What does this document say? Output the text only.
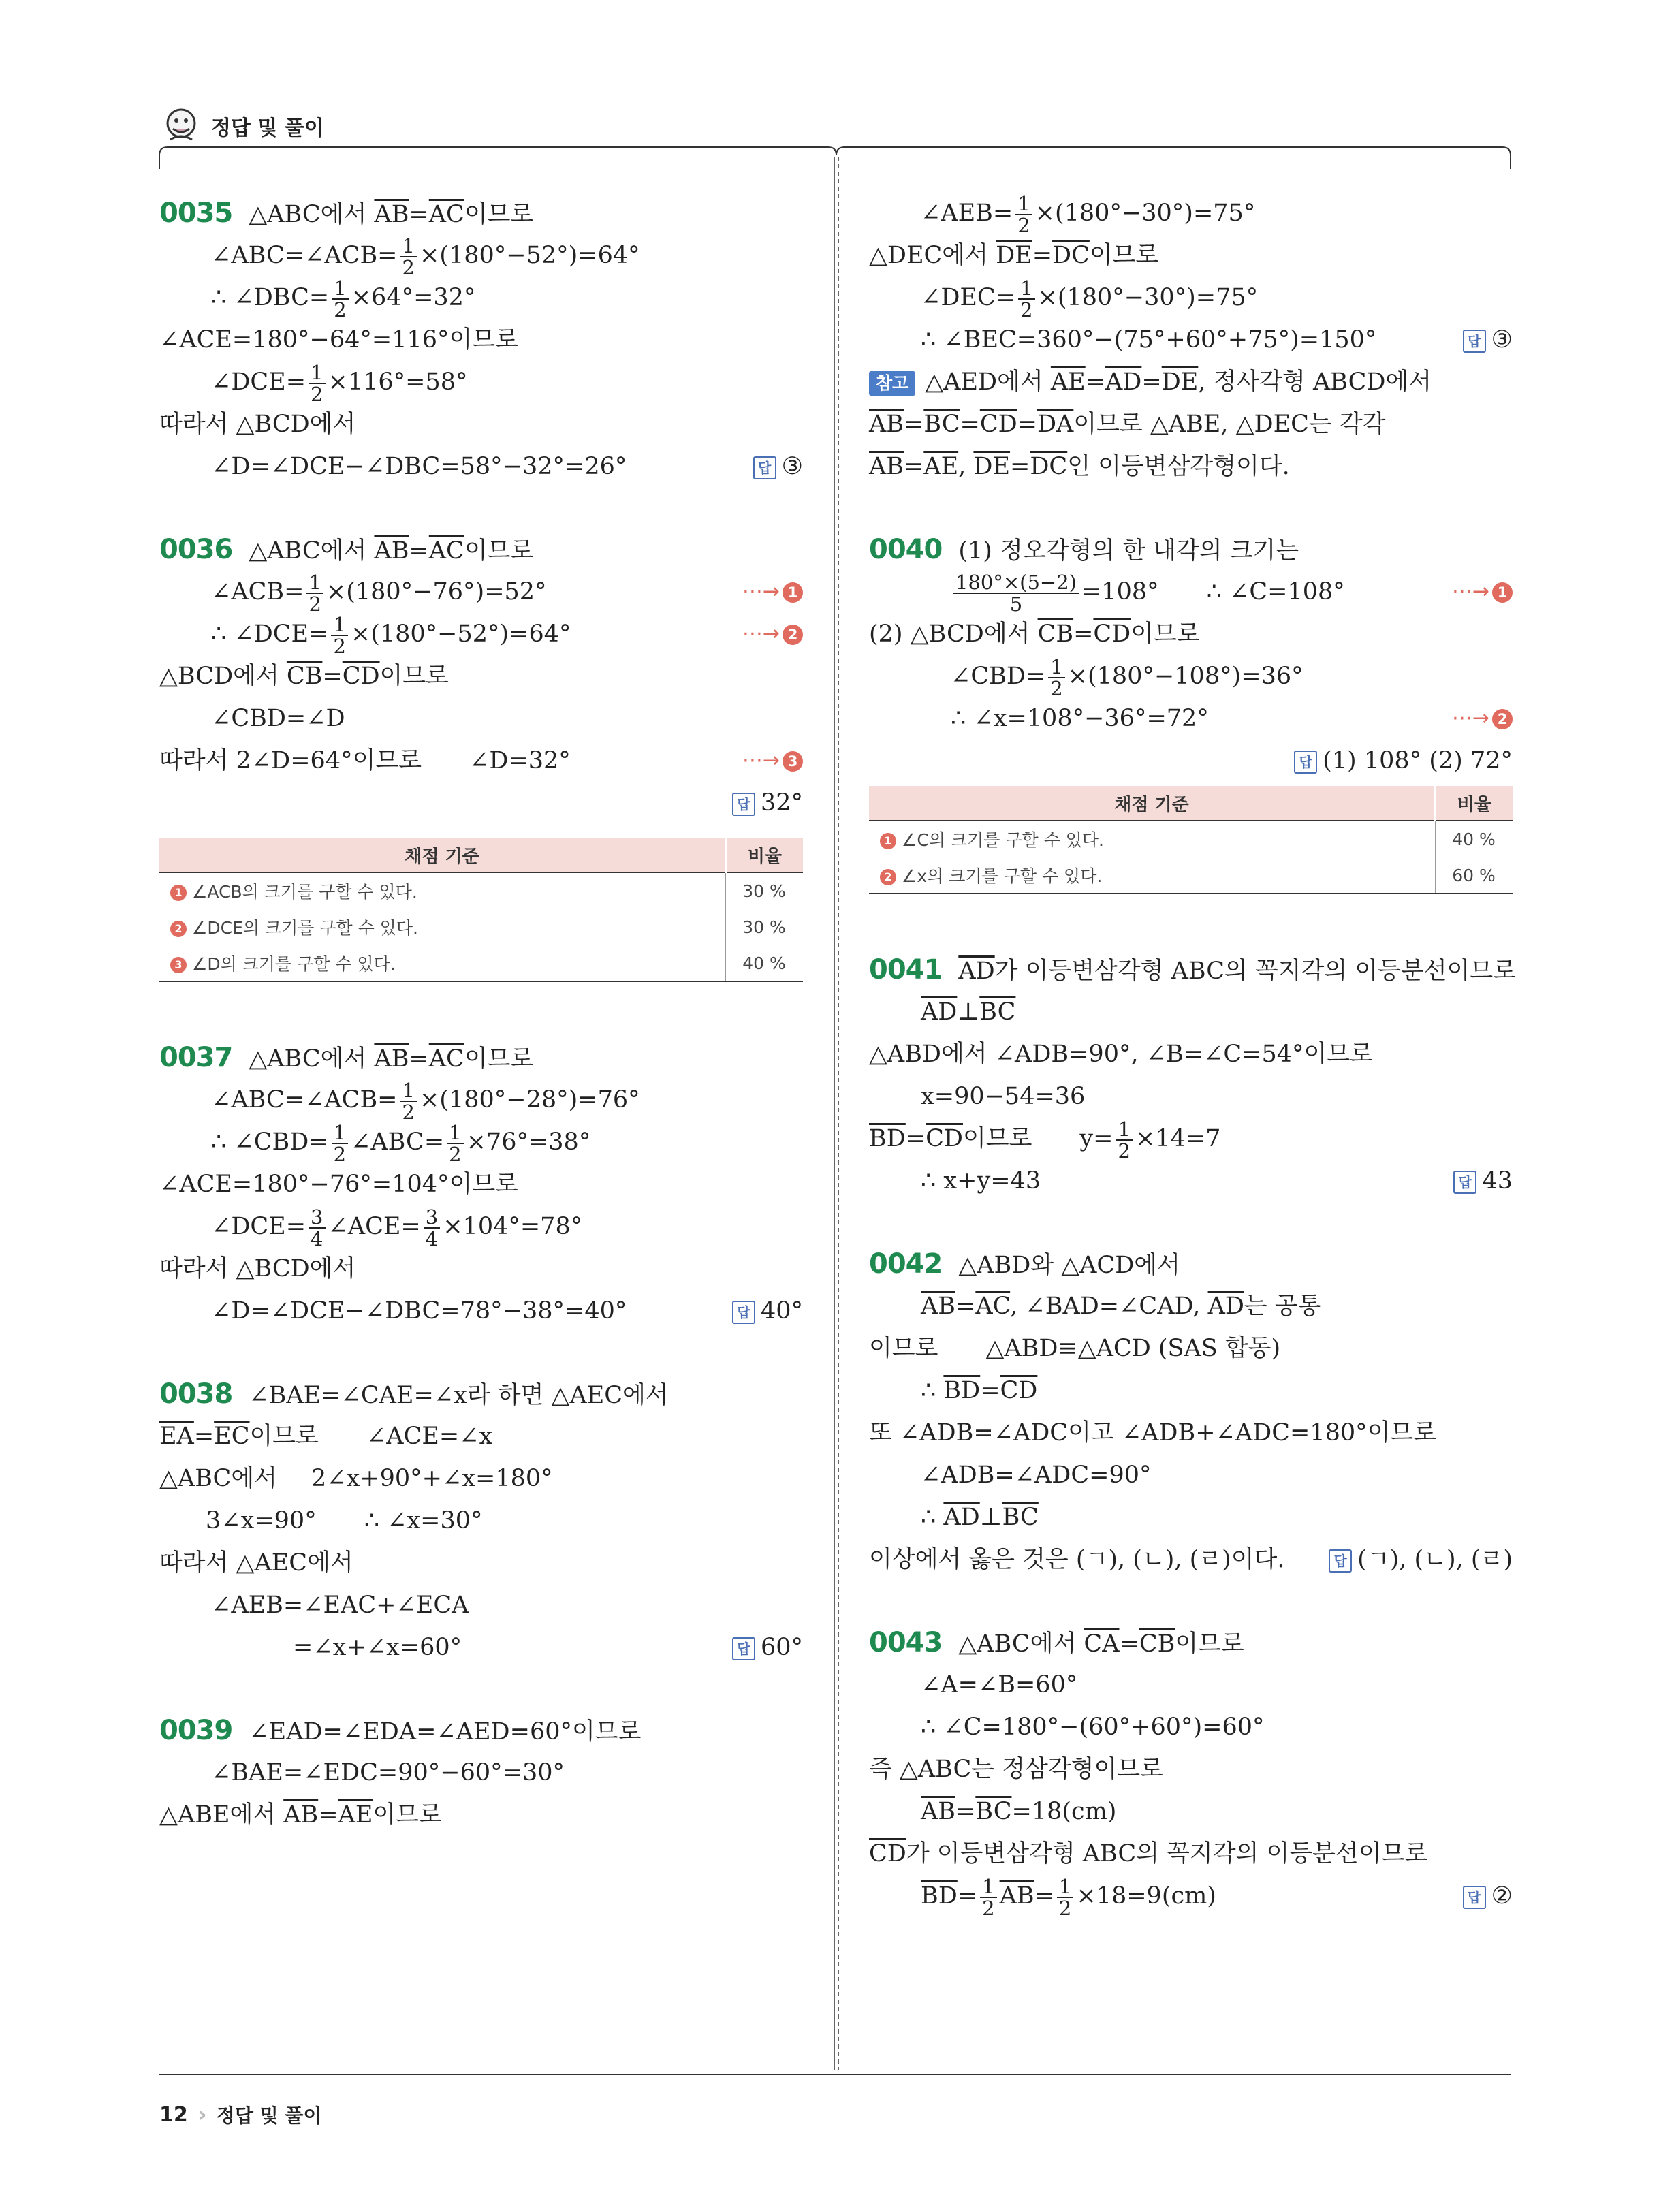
정답 및 풀이
0035 △ABC에서 $\overline{AB}=\overline{AC}$이므로
∠ABC=∠ACB= $\frac{1}{2} \times(180^\circ-52^\circ)=64^\circ$
∴ ∠DBC= $\frac{1}{2} \times 64^\circ=32^\circ$
∠ACE=180°−64°=116°이므로
∠DCE= $\frac{1}{2} \times 116^\circ=58^\circ$
따라서 △BCD에서
∠D=∠DCE−∠DBC=58°−32°=26°	답 ③
0036 △ABC에서 $\overline{AB}=\overline{AC}$이므로
∠ACB= $\frac{1}{2} \times(180^\circ-76^\circ)=52^\circ$	⋯→ 1
∴ ∠DCE= $\frac{1}{2} \times(180^\circ-52^\circ)=64^\circ$	⋯→ 2
△BCD에서 $\overline{CB}=\overline{CD}$이므로
∠CBD=∠D
따라서 2∠D=64°이므로 ∠D=32°	⋯→ 3
답 32°
채점 기준	비율
1 ∠ACB의 크기를 구할 수 있다.	30 %
2 ∠DCE의 크기를 구할 수 있다.	30 %
3 ∠D의 크기를 구할 수 있다.	40 %
0037 △ABC에서 $\overline{AB}=\overline{AC}$이므로
∠ABC=∠ACB= $\frac{1}{2} \times(180^\circ-28^\circ)=76^\circ$
∴ ∠CBD= $\frac{1}{2}$ ∠ABC= $\frac{1}{2} \times 76^\circ=38^\circ$
∠ACE=180°−76°=104°이므로
∠DCE= $\frac{3}{4}$ ∠ACE= $\frac{3}{4} \times 104^\circ=78^\circ$
따라서 △BCD에서
∠D=∠DCE−∠DBC=78°−38°=40°	답 40°
0038 ∠BAE=∠CAE=∠x라 하면 △AEC에서
$\overline{EA}=\overline{EC}$이므로 ∠ACE=∠x
△ABC에서 2∠x+90°+∠x=180°
3∠x=90° ∴ ∠x=30°
따라서 △AEC에서
∠AEB=∠EAC+∠ECA
=∠x+∠x=60°	답 60°
0039 ∠EAD=∠EDA=∠AED=60°이므로
∠BAE=∠EDC=90°−60°=30°
△ABE에서 $\overline{AB}=\overline{AE}$이므로
∠AEB= $\frac{1}{2} \times(180^\circ-30^\circ)=75^\circ$
△DEC에서 $\overline{DE}=\overline{DC}$이므로
∠DEC= $\frac{1}{2} \times(180^\circ-30^\circ)=75^\circ$
∴ ∠BEC=360°−(75°+60°+75°)=150°	답 ③
참고 △AED에서 $\overline{AE}=\overline{AD}=\overline{DE}$, 정사각형 ABCD에서
$\overline{AB}=\overline{BC}=\overline{CD}=\overline{DA}$이므로 △ABE, △DEC는 각각
$\overline{AB}=\overline{AE}$, $\overline{DE}=\overline{DC}$인 이등변삼각형이다.
0040 (1) 정오각형의 한 내각의 크기는
$\frac{180^\circ\times(5-2)}{5} =108^\circ$ ∴ ∠C=108°	⋯→ 1
(2) △BCD에서 $\overline{CB}=\overline{CD}$이므로
∠CBD= $\frac{1}{2} \times(180^\circ-108^\circ)=36^\circ$
∴ ∠x=108°−36°=72°	⋯→ 2
답 (1) 108° (2) 72°
채점 기준	비율
1 ∠C의 크기를 구할 수 있다.	40 %
2 ∠x의 크기를 구할 수 있다.	60 %
0041 $\overline{AD}$가 이등변삼각형 ABC의 꼭지각의 이등분선이므로
$\overline{AD}\perp\overline{BC}$
△ABD에서 ∠ADB=90°, ∠B=∠C=54°이므로
x=90−54=36
$\overline{BD}=\overline{CD}$이므로 $y= \frac{1}{2} \times 14=7$
∴ x+y=43	답 43
0042 △ABD와 △ACD에서
$\overline{AB}=\overline{AC}$, ∠BAD=∠CAD, $\overline{AD}$는 공통
이므로 △ABD≡△ACD (SAS 합동)
∴ $\overline{BD}=\overline{CD}$
또 ∠ADB=∠ADC이고 ∠ADB+∠ADC=180°이므로
∠ADB=∠ADC=90°
∴ $\overline{AD}\perp\overline{BC}$
이상에서 옳은 것은 (ㄱ), (ㄴ), (ㄹ)이다.	답 (ㄱ), (ㄴ), (ㄹ)
0043 △ABC에서 $\overline{CA}=\overline{CB}$이므로
∠A=∠B=60°
∴ ∠C=180°−(60°+60°)=60°
즉 △ABC는 정삼각형이므로
$\overline{AB}=\overline{BC}=18(cm)$
$\overline{CD}$가 이등변삼각형 ABC의 꼭지각의 이등분선이므로
$\overline{BD}= \frac{1}{2} \overline{AB}= \frac{1}{2} \times 18=9(cm)$	답 ②
12 › 정답 및 풀이
